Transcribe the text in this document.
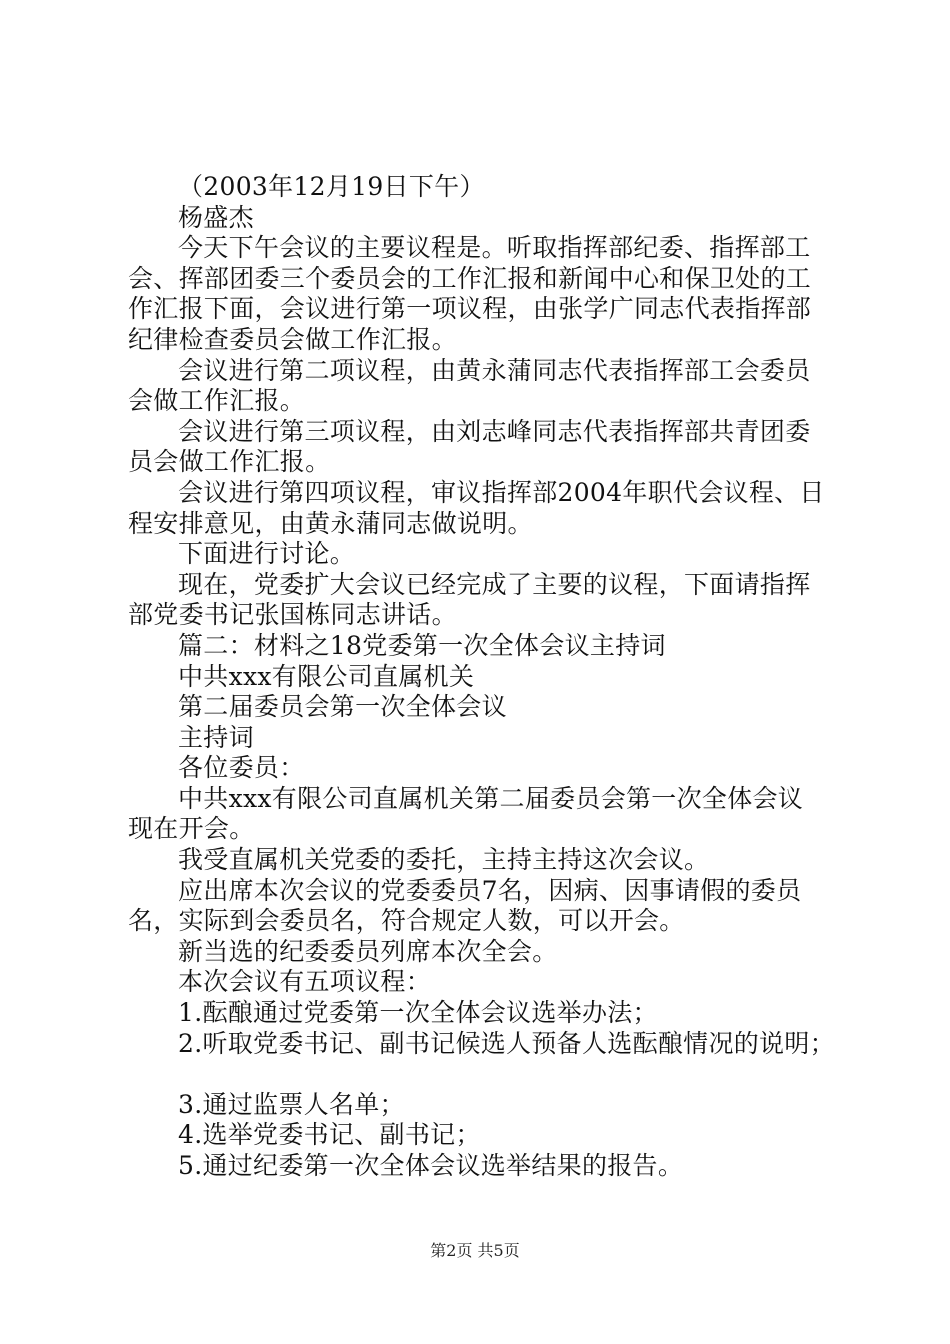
（2003年12月19日下午）
杨盛杰
今天下午会议的主要议程是。听取指挥部纪委、指挥部工
会、挥部团委三个委员会的工作汇报和新闻中心和保卫处的工
作汇报下面，会议进行第一项议程，由张学广同志代表指挥部
纪律检查委员会做工作汇报。
会议进行第二项议程，由黄永蒲同志代表指挥部工会委员
会做工作汇报。
会议进行第三项议程，由刘志峰同志代表指挥部共青团委
员会做工作汇报。
会议进行第四项议程，审议指挥部2004年职代会议程、日
程安排意见，由黄永蒲同志做说明。
下面进行讨论。
现在，党委扩大会议已经完成了主要的议程，下面请指挥
部党委书记张国栋同志讲话。
篇二：材料之18党委第一次全体会议主持词
中共xxx有限公司直属机关
第二届委员会第一次全体会议
主持词
各位委员：
中共xxx有限公司直属机关第二届委员会第一次全体会议
现在开会。
我受直属机关党委的委托，主持主持这次会议。
应出席本次会议的党委委员7名，因病、因事请假的委员
名，实际到会委员名，符合规定人数，可以开会。
新当选的纪委委员列席本次全会。
本次会议有五项议程：
1.酝酿通过党委第一次全体会议选举办法；
2.听取党委书记、副书记候选人预备人选酝酿情况的说明；
3.通过监票人名单；
4.选举党委书记、副书记；
5.通过纪委第一次全体会议选举结果的报告。
第2页 共5页
